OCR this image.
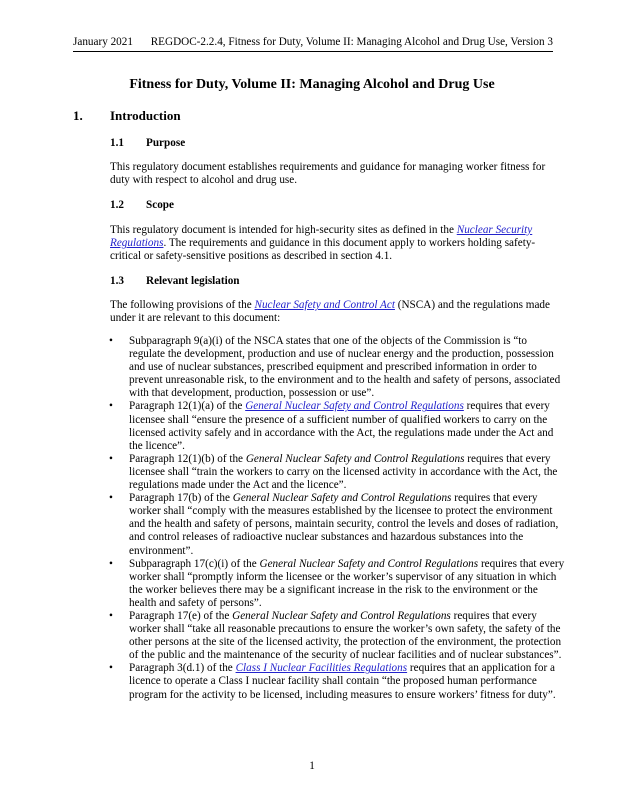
January 2021 REGDOC-2.2.4, Fitness for Duty, Volume II: Managing Alcohol and Drug Use, Version 3
Fitness for Duty, Volume II: Managing Alcohol and Drug Use
1. Introduction
1.1 Purpose
This regulatory document establishes requirements and guidance for managing worker fitness for duty with respect to alcohol and drug use.
1.2 Scope
This regulatory document is intended for high-security sites as defined in the Nuclear Security Regulations. The requirements and guidance in this document apply to workers holding safety-critical or safety-sensitive positions as described in section 4.1.
1.3 Relevant legislation
The following provisions of the Nuclear Safety and Control Act (NSCA) and the regulations made under it are relevant to this document:
• Subparagraph 9(a)(i) of the NSCA states that one of the objects of the Commission is “to regulate the development, production and use of nuclear energy and the production, possession and use of nuclear substances, prescribed equipment and prescribed information in order to prevent unreasonable risk, to the environment and to the health and safety of persons, associated with that development, production, possession or use”.
• Paragraph 12(1)(a) of the General Nuclear Safety and Control Regulations requires that every licensee shall “ensure the presence of a sufficient number of qualified workers to carry on the licensed activity safely and in accordance with the Act, the regulations made under the Act and the licence”.
• Paragraph 12(1)(b) of the General Nuclear Safety and Control Regulations requires that every licensee shall “train the workers to carry on the licensed activity in accordance with the Act, the regulations made under the Act and the licence”.
• Paragraph 17(b) of the General Nuclear Safety and Control Regulations requires that every worker shall “comply with the measures established by the licensee to protect the environment and the health and safety of persons, maintain security, control the levels and doses of radiation, and control releases of radioactive nuclear substances and hazardous substances into the environment”.
• Subparagraph 17(c)(i) of the General Nuclear Safety and Control Regulations requires that every worker shall “promptly inform the licensee or the worker’s supervisor of any situation in which the worker believes there may be a significant increase in the risk to the environment or the health and safety of persons”.
• Paragraph 17(e) of the General Nuclear Safety and Control Regulations requires that every worker shall “take all reasonable precautions to ensure the worker’s own safety, the safety of the other persons at the site of the licensed activity, the protection of the environment, the protection of the public and the maintenance of the security of nuclear facilities and of nuclear substances”.
• Paragraph 3(d.1) of the Class I Nuclear Facilities Regulations requires that an application for a licence to operate a Class I nuclear facility shall contain “the proposed human performance program for the activity to be licensed, including measures to ensure workers’ fitness for duty”.
1
